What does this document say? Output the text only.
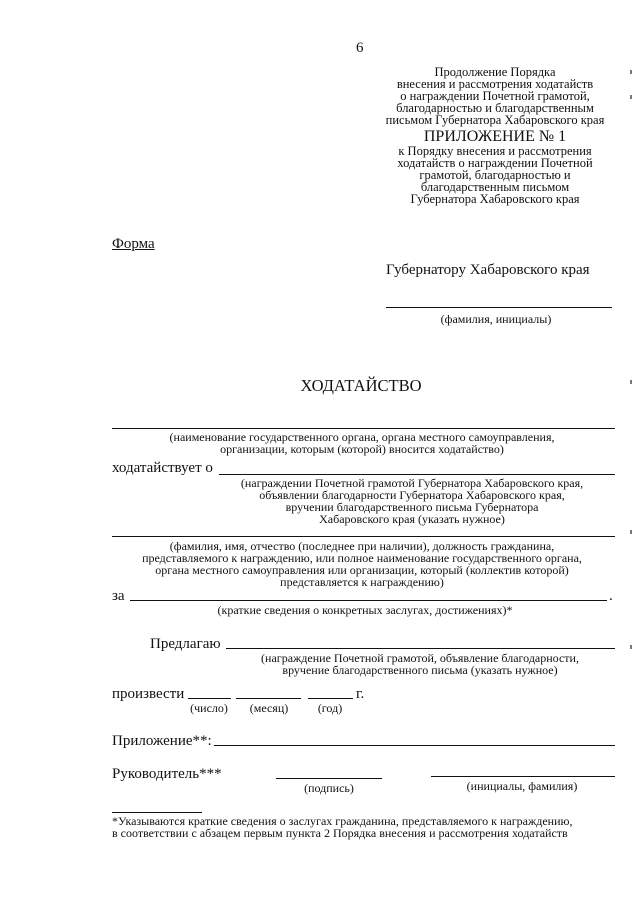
6
Продолжение Порядка
внесения и рассмотрения ходатайств
о награждении Почетной грамотой,
благодарностью и благодарственным
письмом Губернатора Хабаровского края
ПРИЛОЖЕНИЕ № 1
к Порядку внесения и рассмотрения
ходатайств о награждении Почетной
грамотой, благодарностью и
благодарственным письмом
Губернатора Хабаровского края
Форма
Губернатору Хабаровского края
(фамилия, инициалы)
ХОДАТАЙСТВО
(наименование государственного органа, органа местного самоуправления,
организации, которым (которой) вносится ходатайство)
ходатайствует о
(награждении Почетной грамотой Губернатора Хабаровского края,
объявлении благодарности Губернатора Хабаровского края,
вручении благодарственного письма Губернатора
Хабаровского края (указать нужное)
(фамилия, имя, отчество (последнее при наличии), должность гражданина,
представляемого к награждению, или полное наименование государственного органа,
органа местного самоуправления или организации, который (коллектив которой)
представляется к награждению)
за	.
(краткие сведения о конкретных заслугах, достижениях)*
Предлагаю
(награждение Почетной грамотой, объявление благодарности,
вручение благодарственного письма (указать нужное)
произвести	г.
(число) (месяц) (год)
Приложение**:
Руководитель***
(подпись)	(инициалы, фамилия)
*Указываются краткие сведения о заслугах гражданина, представляемого к награждению,
в соответствии с абзацем первым пункта 2 Порядка внесения и рассмотрения ходатайств
